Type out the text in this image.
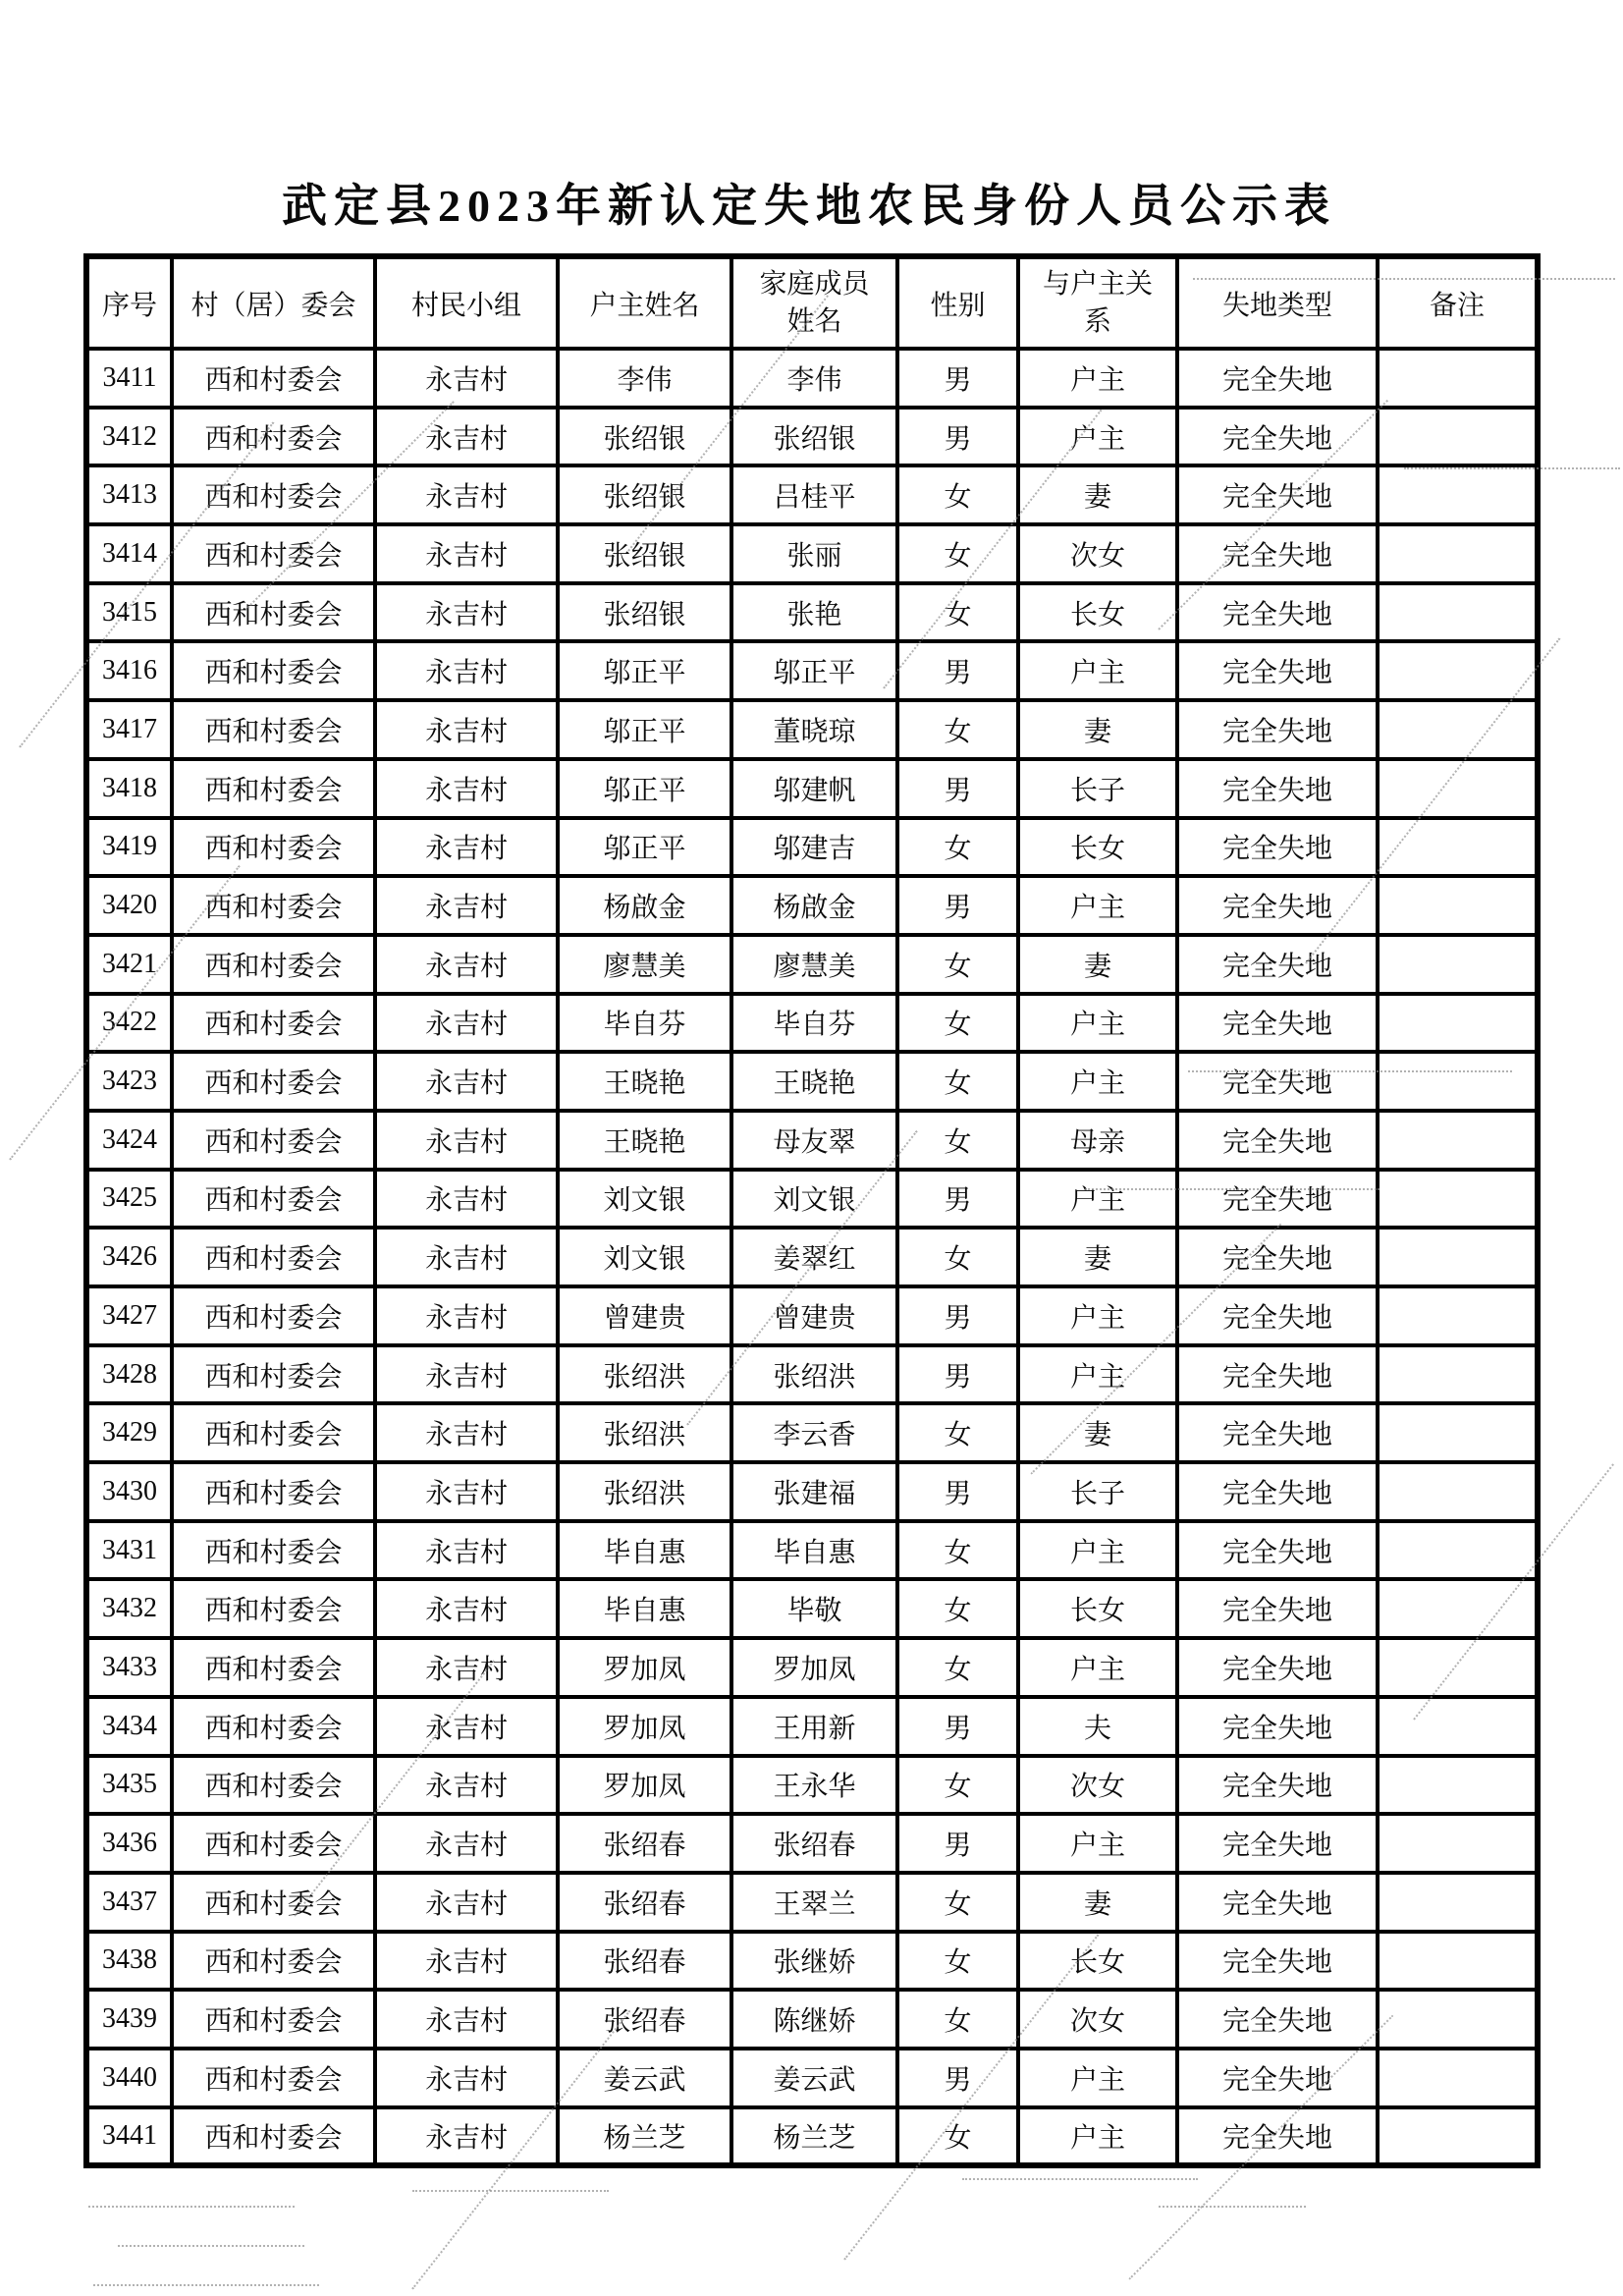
武定县2023年新认定失地农民身份人员公示表
序号	村（居）委会	村民小组	户主姓名	家庭成员姓名	性别	与户主关系	失地类型	备注
3411	西和村委会	永吉村	李伟	李伟	男	户主	完全失地	
3412	西和村委会	永吉村	张绍银	张绍银	男	户主	完全失地	
3413	西和村委会	永吉村	张绍银	吕桂平	女	妻	完全失地	
3414	西和村委会	永吉村	张绍银	张丽	女	次女	完全失地	
3415	西和村委会	永吉村	张绍银	张艳	女	长女	完全失地	
3416	西和村委会	永吉村	邬正平	邬正平	男	户主	完全失地	
3417	西和村委会	永吉村	邬正平	董晓琼	女	妻	完全失地	
3418	西和村委会	永吉村	邬正平	邬建帆	男	长子	完全失地	
3419	西和村委会	永吉村	邬正平	邬建吉	女	长女	完全失地	
3420	西和村委会	永吉村	杨啟金	杨啟金	男	户主	完全失地	
3421	西和村委会	永吉村	廖慧美	廖慧美	女	妻	完全失地	
3422	西和村委会	永吉村	毕自芬	毕自芬	女	户主	完全失地	
3423	西和村委会	永吉村	王晓艳	王晓艳	女	户主	完全失地	
3424	西和村委会	永吉村	王晓艳	母友翠	女	母亲	完全失地	
3425	西和村委会	永吉村	刘文银	刘文银	男	户主	完全失地	
3426	西和村委会	永吉村	刘文银	姜翠红	女	妻	完全失地	
3427	西和村委会	永吉村	曾建贵	曾建贵	男	户主	完全失地	
3428	西和村委会	永吉村	张绍洪	张绍洪	男	户主	完全失地	
3429	西和村委会	永吉村	张绍洪	李云香	女	妻	完全失地	
3430	西和村委会	永吉村	张绍洪	张建福	男	长子	完全失地	
3431	西和村委会	永吉村	毕自惠	毕自惠	女	户主	完全失地	
3432	西和村委会	永吉村	毕自惠	毕敬	女	长女	完全失地	
3433	西和村委会	永吉村	罗加凤	罗加凤	女	户主	完全失地	
3434	西和村委会	永吉村	罗加凤	王用新	男	夫	完全失地	
3435	西和村委会	永吉村	罗加凤	王永华	女	次女	完全失地	
3436	西和村委会	永吉村	张绍春	张绍春	男	户主	完全失地	
3437	西和村委会	永吉村	张绍春	王翠兰	女	妻	完全失地	
3438	西和村委会	永吉村	张绍春	张继娇	女	长女	完全失地	
3439	西和村委会	永吉村	张绍春	陈继娇	女	次女	完全失地	
3440	西和村委会	永吉村	姜云武	姜云武	男	户主	完全失地	
3441	西和村委会	永吉村	杨兰芝	杨兰芝	女	户主	完全失地	
